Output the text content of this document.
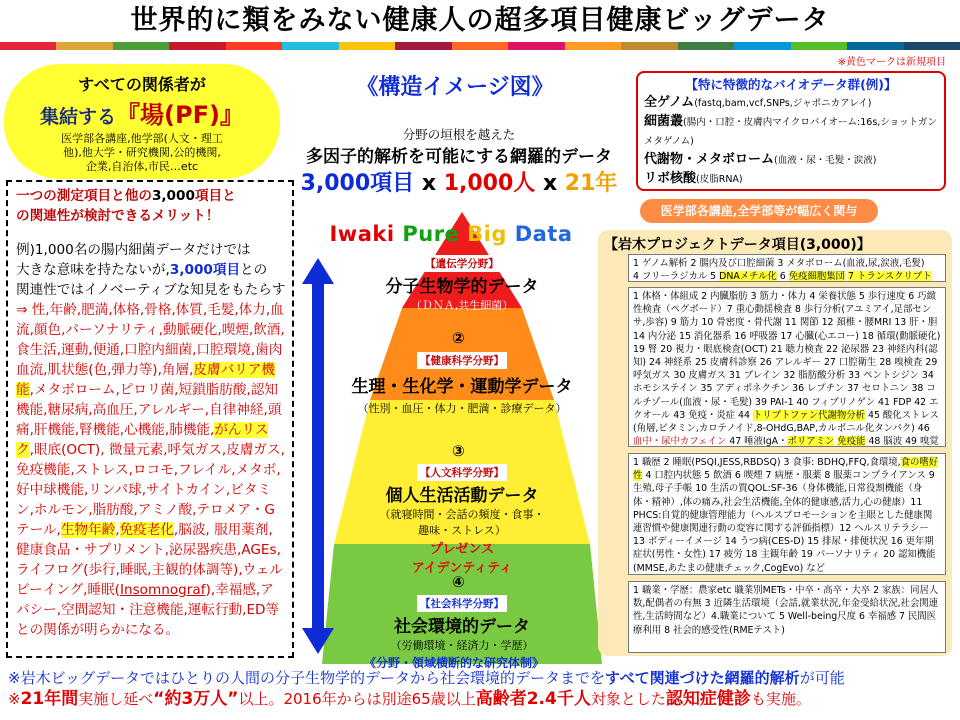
世界的に類をみない健康人の超多項目健康ビッグデータ
※黄色マークは新規項目
すべての関係者が
集結する『場(PF)』
医学部各講座,他学部(人文・理工
他),他大学・研究機関,公的機関,
企業,自治体,市民…etc
一つの測定項目と他の3,000項目と
の関連性が検討できるメリット！
例)1,000名の腸内細菌データだけでは
大きな意味を持たないが,3,000項目との
関連性ではイノベーティブな知見をもたらす
⇒ 性,年齢,肥満,体格,骨格,体質,毛髪,体力,血流,顔色,パーソナリティ,動脈硬化,喫煙,飲酒,食生活,運動,便通,口腔内細菌,口腔環境,歯肉血流,肌状態(色,弾力等),角層,皮膚バリア機能,メタボローム,ピロリ菌,短鎖脂肪酸,認知機能,糖尿病,高血圧,アレルギー,自律神経,頭痛,肝機能,腎機能,心機能,肺機能,がんリスク,眼底(OCT), 微量元素,呼気ガス,皮膚ガス,免疫機能,ストレス,ロコモ,フレイル,メタボ,好中球機能,リンパ球,サイトカイン,ビタミン,ホルモン,脂肪酸,アミノ酸,テロメア・Gテール,生物年齢,免疫老化,脳波, 服用薬剤,健康食品・サプリメント,泌尿器疾患,AGEs,ライフログ(歩行,睡眠,主観的体調等),ウェルビーイング,睡眠(Insomnograf),幸福感,アパシー,空間認知・注意機能,運転行動,ED等との関係が明らかになる。
《構造イメージ図》
分野の垣根を越えた
多因子的解析を可能にする網羅的データ
3,000項目 x 1,000人 x 21年
Iwaki Pure Big Data
【遺伝学分野】
分子生物学的データ
（ＤＮＡ,共生細菌）
②
【健康科学分野】
生理・生化学・運動学データ
（性別・血圧・体力・肥満・診療データ）
③
【人文科学分野】
個人生活活動データ
（就寝時間・会話の頻度・食事・
趣味・ストレス）
プレゼンス
アイデンティティ
④
【社会科学分野】
社会環境的データ
（労働環境・経済力・学歴）
《分野・領域横断的な研究体制》
【特に特徴的なバイオデータ群(例)】
全ゲノム(fastq,bam,vcf,SNPs,ジャポニカアレイ)
細菌叢(腸内・口腔・皮膚内マイクロバイオーム:16s,ショットガンメタゲノム)
代謝物・メタボローム(血液・尿・毛髪・涙液)
リボ核酸(皮脂RNA)
医学部各講座,全学部等が幅広く関与
【岩木プロジェクトデータ項目(3,000)】
1 ゲノム解析 2 腸内及び口腔細菌 3 メタボローム(血液,尿,涙液,毛髪)
4 フリーラジカル 5 DNAメチル化 6 免疫細胞集団 7 トランスクリプト
1 体格・体組成 2 内臓脂肪 3 筋力・体力 4 栄養状態 5 歩行速度 6 巧緻性検査（ペグボード）7 重心動揺検査 8 歩行分析(アユミアイ,足部センサ,歩容) 9 筋力 10 骨密度・骨代謝 11 関節 12 頚椎・腰MRI 13 肝・胆 14 内分泌 15 消化器系 16 呼吸器 17 心臓(心エコー) 18 循環(動脈硬化) 19 腎 20 視力・眼底検査(OCT) 21 聴力検査 22 泌尿器 23 神経内科(認知) 24 神経系 25 皮膚科診察 26 アレルギー 27 口腔衛生 28 嗅検査 29 呼気ガス 30 皮膚ガス 31 ブレイン 32 脂肪酸分析 33 ペントシジン 34 ホモシステイン 35 アディポネクチン 36 レプチン 37 セロトニン 38 コルチゾール(血液・尿・毛髪) 39 PAI-1 40 フィブリノゲン 41 FDP 42 エクオール 43 免疫・炎症 44 トリプトファン代謝物分析 45 酸化ストレス(角層,ビタミン,カロテノイド,8-OHdG,BAP,カルボニル化タンパク) 46 血中・尿中カフェイン 47 唾液IgA・ポリアミン 免疫能 48 脳波 49 嗅覚
1 職歴 2 睡眠(PSQI,JESS,RBDSQ) 3 食事: BDHQ,FFQ,食環境,食の嗜好性 4 口腔内状態 5 飲酒 6 喫煙 7 病歴・服薬 8 服薬コンプライアンス 9 生殖,母子手帳 10 生活の質QOL:SF-36（身体機能,日常役割機能（身体・精神）,体の痛み,社会生活機能,全体的健康感,活力,心の健康）11 PHCS:自覚的健康管理能力（ヘルスプロモーションを主眼とした健康関連習慣や健康関連行動の変容に関する評価指標）12 ヘルスリテラシー 13 ボディーイメージ 14 うつ病(CES-D) 15 排尿・排便状況 16 更年期症状(男性・女性) 17 疲労 18 主観年齢 19 パーソナリティ 20 認知機能(MMSE,あたまの健康チェック,CogEvo) など
1 職業・学歴：農家etc 職業別METs・中卒・高卒・大卒 2 家族：同居人数,配偶者の有無 3 近隣生活環境（会話,就業状況,年金受給状況,社会関連性,生活時間など）4.職業について 5 Well-being尺度 6 幸福感 7 民間医療利用 8 社会的感受性(RMEテスト)
※岩木ビッグデータではひとりの人間の分子生物学的データから社会環境的データまでをすべて関連づけた網羅的解析が可能
※21年間実施し延べ“約3万人”以上。2016年からは別途65歳以上高齢者2.4千人対象とした認知症健診も実施。
